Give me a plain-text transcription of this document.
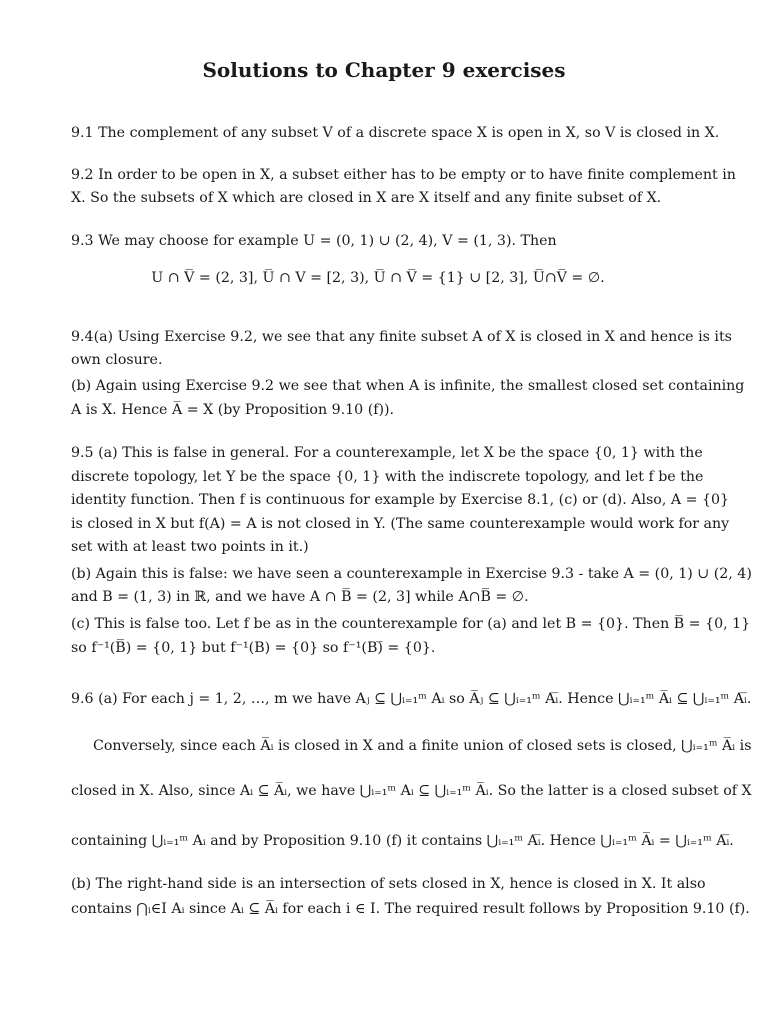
Solutions to Chapter 9 exercises
9.1 The complement of any subset V of a discrete space X is open in X, so V is closed in X.
9.2 In order to be open in X, a subset either has to be empty or to have finite complement in
X. So the subsets of X which are closed in X are X itself and any finite subset of X.
9.3 We may choose for example U = (0, 1) ∪ (2, 4), V = (1, 3). Then
U ∩ V̅ = (2, 3], U̅ ∩ V = [2, 3), U̅ ∩ V̅ = {1} ∪ [2, 3], U̅∩V̅ = ∅.
9.4(a) Using Exercise 9.2, we see that any finite subset A of X is closed in X and hence is its
own closure.
(b) Again using Exercise 9.2 we see that when A is infinite, the smallest closed set containing
A is X. Hence A̅ = X (by Proposition 9.10 (f)).
9.5 (a) This is false in general. For a counterexample, let X be the space {0, 1} with the
discrete topology, let Y be the space {0, 1} with the indiscrete topology, and let f be the
identity function. Then f is continuous for example by Exercise 8.1, (c) or (d). Also, A = {0}
is closed in X but f(A) = A is not closed in Y. (The same counterexample would work for any
set with at least two points in it.)
(b) Again this is false: we have seen a counterexample in Exercise 9.3 - take A = (0, 1) ∪ (2, 4)
and B = (1, 3) in ℝ, and we have A ∩ B̅ = (2, 3] while A∩B̅ = ∅.
(c) This is false too. Let f be as in the counterexample for (a) and let B = {0}. Then B̅ = {0, 1}
so f⁻¹(B̅) = {0, 1} but f⁻¹(B) = {0} so f⁻¹(B)̅ = {0}.
9.6 (a) For each j = 1, 2, …, m we have Aⱼ ⊆ ⋃ᵢ₌₁ᵐ Aᵢ so A̅ⱼ ⊆ ⋃ᵢ₌₁ᵐ Aᵢ̅. Hence ⋃ᵢ₌₁ᵐ A̅ᵢ ⊆ ⋃ᵢ₌₁ᵐ Aᵢ̅.
Conversely, since each A̅ᵢ is closed in X and a finite union of closed sets is closed, ⋃ᵢ₌₁ᵐ A̅ᵢ is
closed in X. Also, since Aᵢ ⊆ A̅ᵢ, we have ⋃ᵢ₌₁ᵐ Aᵢ ⊆ ⋃ᵢ₌₁ᵐ A̅ᵢ. So the latter is a closed subset of X
containing ⋃ᵢ₌₁ᵐ Aᵢ and by Proposition 9.10 (f) it contains ⋃ᵢ₌₁ᵐ Aᵢ̅. Hence ⋃ᵢ₌₁ᵐ A̅ᵢ = ⋃ᵢ₌₁ᵐ Aᵢ̅.
(b) The right-hand side is an intersection of sets closed in X, hence is closed in X. It also
contains ⋂ᵢ∈I Aᵢ since Aᵢ ⊆ A̅ᵢ for each i ∈ I. The required result follows by Proposition 9.10 (f).
